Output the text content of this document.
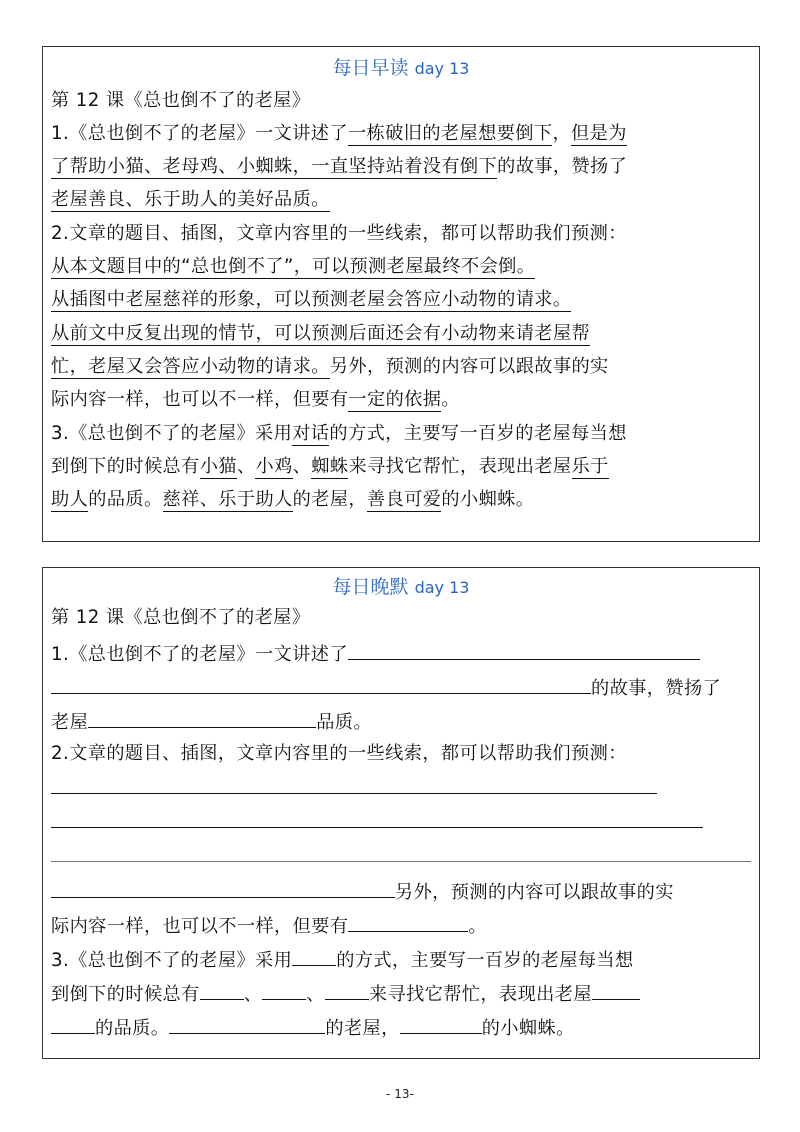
每日早读 day 13
第 12 课《总也倒不了的老屋》
1.《总也倒不了的老屋》一文讲述了一栋破旧的老屋想要倒下，但是为
了帮助小猫、老母鸡、小蜘蛛，一直坚持站着没有倒下的故事，赞扬了
老屋善良、乐于助人的美好品质。
2.文章的题目、插图，文章内容里的一些线索，都可以帮助我们预测：
从本文题目中的“总也倒不了”，可以预测老屋最终不会倒。
从插图中老屋慈祥的形象，可以预测老屋会答应小动物的请求。
从前文中反复出现的情节，可以预测后面还会有小动物来请老屋帮
忙，老屋又会答应小动物的请求。另外，预测的内容可以跟故事的实
际内容一样，也可以不一样，但要有一定的依据。
3.《总也倒不了的老屋》采用对话的方式，主要写一百岁的老屋每当想
到倒下的时候总有小猫、小鸡、蜘蛛来寻找它帮忙，表现出老屋乐于
助人的品质。慈祥、乐于助人的老屋，善良可爱的小蜘蛛。
每日晚默 day 13
第 12 课《总也倒不了的老屋》
1.《总也倒不了的老屋》一文讲述了
的故事，赞扬了
老屋	品质。
2.文章的题目、插图，文章内容里的一些线索，都可以帮助我们预测：
另外，预测的内容可以跟故事的实
际内容一样，也可以不一样，但要有	。
3.《总也倒不了的老屋》采用 的方式，主要写一百岁的老屋每当想
到倒下的时候总有 、 、 来寻找它帮忙，表现出老屋
的品质。	的老屋，	的小蜘蛛。
- 13-
